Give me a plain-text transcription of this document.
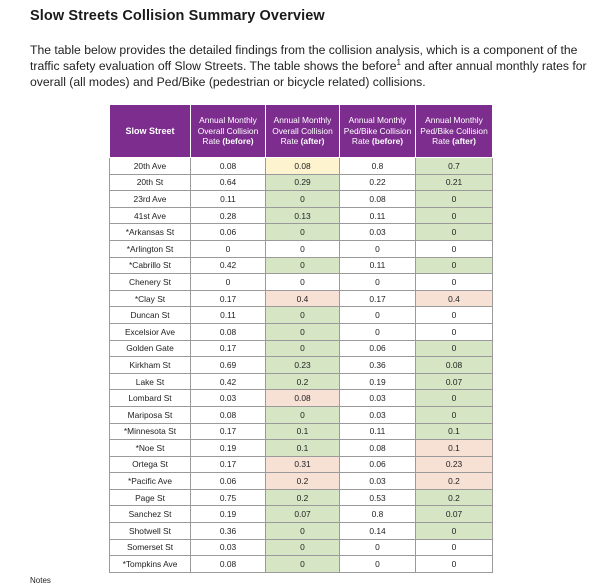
Slow Streets Collision Summary Overview

The table below provides the detailed findings from the collision analysis, which is a component of the traffic safety evaluation off Slow Streets. The table shows the before$^1$ and after annual monthly rates for overall (all modes) and Ped/Bike (pedestrian or bicycle related) collisions.

Slow Street	Annual Monthly Overall Collision Rate (before)	Annual Monthly Overall Collision Rate (after)	Annual Monthly Ped/Bike Collision Rate (before)	Annual Monthly Ped/Bike Collision Rate (after)
20th Ave	0.08	0.08	0.8	0.7
20th St	0.64	0.29	0.22	0.21
23rd Ave	0.11	0	0.08	0
41st Ave	0.28	0.13	0.11	0
*Arkansas St	0.06	0	0.03	0
*Arlington St	0	0	0	0
*Cabrillo St	0.42	0	0.11	0
Chenery St	0	0	0	0
*Clay St	0.17	0.4	0.17	0.4
Duncan St	0.11	0	0	0
Excelsior Ave	0.08	0	0	0
Golden Gate	0.17	0	0.06	0
Kirkham St	0.69	0.23	0.36	0.08
Lake St	0.42	0.2	0.19	0.07
Lombard St	0.03	0.08	0.03	0
Mariposa St	0.08	0	0.03	0
*Minnesota St	0.17	0.1	0.11	0.1
*Noe St	0.19	0.1	0.08	0.1
Ortega St	0.17	0.31	0.06	0.23
*Pacific Ave	0.06	0.2	0.03	0.2
Page St	0.75	0.2	0.53	0.2
Sanchez St	0.19	0.07	0.8	0.07
Shotwell St	0.36	0	0.14	0
Somerset St	0.03	0	0	0
*Tompkins Ave	0.08	0	0	0
Notes
